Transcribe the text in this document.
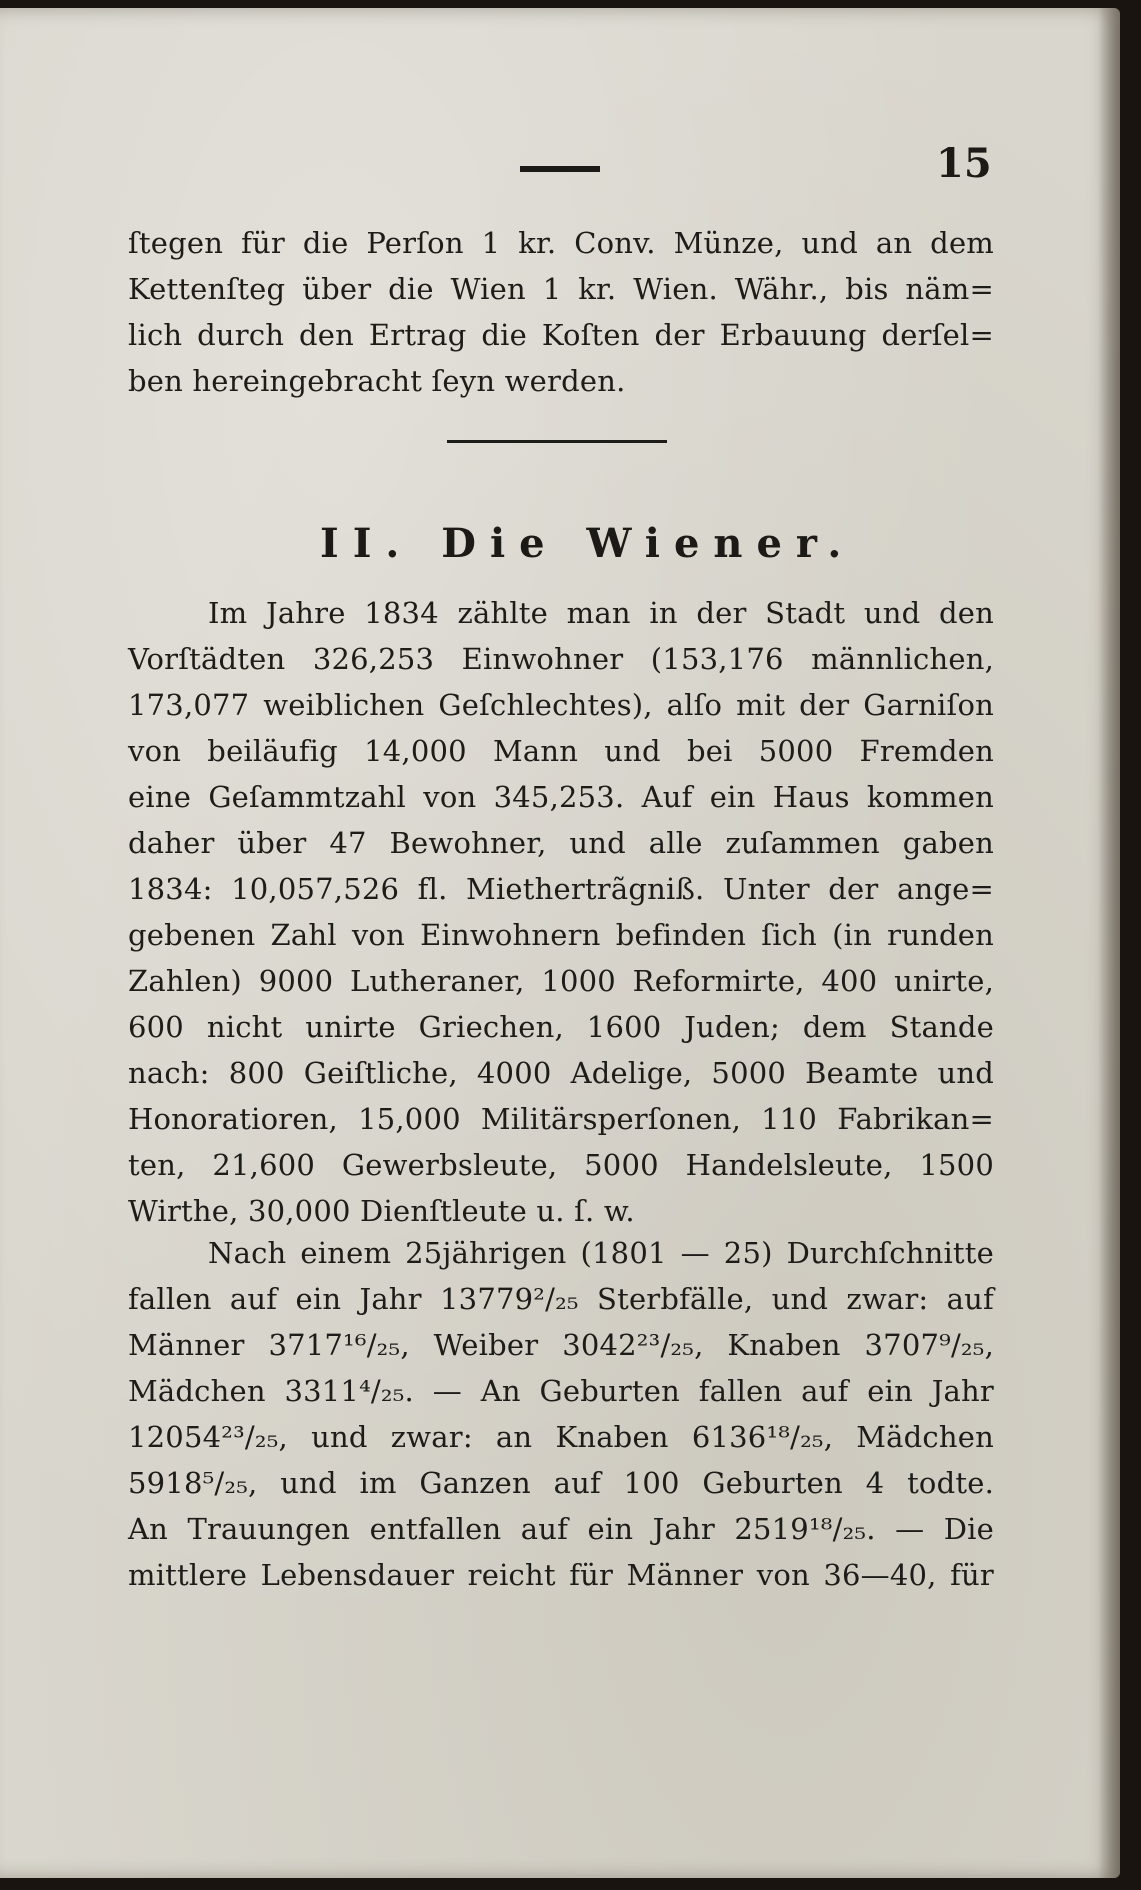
15
ſtegen für die Perſon 1 kr. Conv. Münze, und an dem
Kettenſteg über die Wien 1 kr. Wien. Währ., bis näm=
lich durch den Ertrag die Koſten der Erbauung derſel=
ben hereingebracht ſeyn werden.
II. Die Wiener.
Im Jahre 1834 zählte man in der Stadt und den
Vorſtädten 326,253 Einwohner (153,176 männlichen,
173,077 weiblichen Geſchlechtes), alſo mit der Garniſon
von beiläufig 14,000 Mann und bei 5000 Fremden
eine Geſammtzahl von 345,253. Auf ein Haus kommen
daher über 47 Bewohner, und alle zuſammen gaben
1834: 10,057,526 fl. Miethertrãgniß. Unter der ange=
gebenen Zahl von Einwohnern befinden ſich (in runden
Zahlen) 9000 Lutheraner, 1000 Reformirte, 400 unirte,
600 nicht unirte Griechen, 1600 Juden; dem Stande
nach: 800 Geiſtliche, 4000 Adelige, 5000 Beamte und
Honoratioren, 15,000 Militärsperſonen, 110 Fabrikan=
ten, 21,600 Gewerbsleute, 5000 Handelsleute, 1500
Wirthe, 30,000 Dienſtleute u. ſ. w.
Nach einem 25jährigen (1801 — 25) Durchſchnitte
fallen auf ein Jahr 13779²/₂₅ Sterbfälle, und zwar: auf
Männer 3717¹⁶/₂₅, Weiber 3042²³/₂₅, Knaben 3707⁹/₂₅,
Mädchen 3311⁴/₂₅. — An Geburten fallen auf ein Jahr
12054²³/₂₅, und zwar: an Knaben 6136¹⁸/₂₅, Mädchen
5918⁵/₂₅, und im Ganzen auf 100 Geburten 4 todte.
An Trauungen entfallen auf ein Jahr 2519¹⁸/₂₅. — Die
mittlere Lebensdauer reicht für Männer von 36—40, für
